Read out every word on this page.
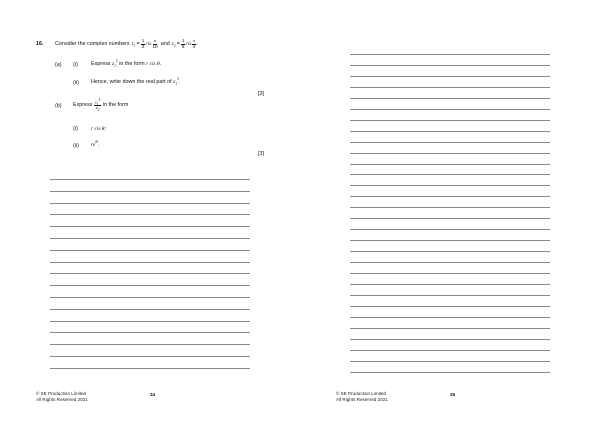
16. Consider the complex numbers $z_1 = \frac{1}{2}$ cis $\frac{\pi}{10}$ and $z_2 = \frac{1}{8}$ cis $\frac{\pi}{4}$ .
(a) (i) Express $z_1^5$ in the form r cis θ.
(ii) Hence, write down the real part of $z_1^5$.
[3]
(b) Express $\frac{z_1^5}{z_2}$ in the form
(i) r cis θ;
(ii) $re^{i\theta}$.
[3]
© SE Production Limited
All Rights Reserved 2021
24	© SE Production Limited
All Rights Reserved 2021
25
